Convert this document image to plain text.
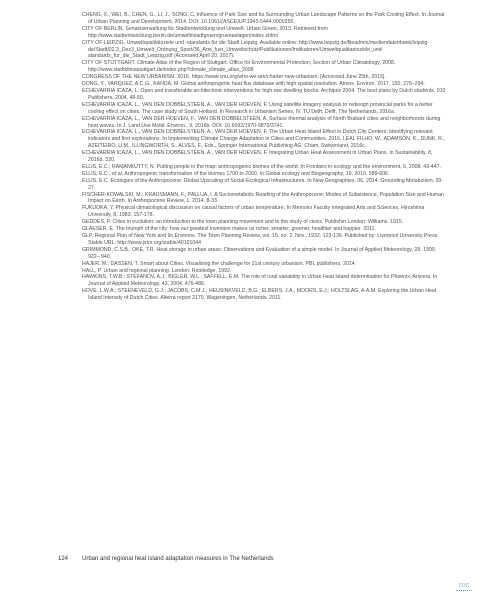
CHENG, X., WEI, B., CHEN, G., LI, J., SONG, C. Influence of Park Size and Its Surrounding Urban Landscape Patterns on the Park Cooling Effect. In Journal of Urban Planning and Development, 2014. DOI: 10.1061/(ASCE)UP.1943-5444.0000256.

CITY OF BERLIN. Senatsverwaltung für Stadtentwicklung und Umwelt. Urban Green, 2013. Retrieved from http://www.stadtentwicklung.berlin.de/umwelt/stadtgruen/gruenanlagen/index.shtml

CITY OF LEIPZIG. Umweltqualitätsziele und -standards für die Stadt Leipzig. Available online: http://www.leipzig.de/fileadmin/mediendatenbank/leipzig-de/Stadt/02.3_Dez3_Umwelt_Ordnung_Sport/36_Amt_fuer_Umweltschutz/Publikationen/Indikatoren/Umweltqualitaetsziele_und-standards_fur_die_Stadt_Leipzig.pdf (Accessed April 20, 2017).

CITY OF STUTTGART. Climate Atlas of the Region of Stuttgart. Office for Environmental Protection, Section of Urban Climatology, 2008. http://www.stadtklimastuttgart.de/index.php?climate_climate_atlas_2008

CONGRESS OF THE NEW URBANISM. 2016. https://www.cnu.org/who-we-are/charter-new-urbanism. [Accessed June 25th, 2016].

DONG, Y., VARQUEZ, A.C.G., KANDA, M. Global anthropogenic heat flux database with high spatial resolution. Atmos. Environ. 2017, 150, 276–294.

ECHEVARRIA ICAZA, L. Open and transferable architectonic interventions for high rise dwelling blocks. Archiprix 2004. The best plans by Dutch students. 010 Publishers, 2004. 48-50.

ECHEVARRIA ICAZA, L., VAN DEN DOBBELSTEEN, A., VAN DER HOEVEN, F. Using satellite imagery analysis to redesign provincial parks for a better cooling effect on cities. The case study of South Holland. In Research in Urbanism Series, IV. TU Delft: Delft, The Netherlands, 2016a.

ECHEVARRIA ICAZA, L., VAN DER HOEVEN, F., VAN DEN DOBBELSTEEN, A. Surface thermal analysis of North Brabant cities and neighborhoods during heat waves. In J. Land Use Mobil. Environ., 9, 2016b. DOI: 10.6092/1970-9870/3741.

ECHEVARRIA ICAZA, L., VAN DEN DOBBELSTEEN, A., VAN DER HOEVEN, F. The Urban Heat Island Effect in Dutch City Centers: Identifying relevant indicators and first explorations. In Implementing Climate Change Adaptation in Cities and Communities, 2016. LEAL FILHO, W., ADAMSON, K., DUNK, R., AZEITEIRO, U.M., ILLINGWORTH, S., ALVES, F., Eds., Springer International Publishing AG: Cham, Switzerland, 2016c.

ECHEVARRIA ICAZA, L., VAN DEN DOBBELSTEEN, A., VAN DER HOEVEN, F. Integrating Urban Heat Assessment in Urban Plans. In Sustainability, 8, 2016d. 320.

ELLIS, E.C.; RAMANKUTTY, N. Putting people in the map: anthropogenic biomes of the world. In Frontiers in ecology and the environment, 6, 2008. 43-447.

ELLIS, E.C., et al. Anthropogenic transformation of the biomes 1700 to 2000. In Global ecology and Biogeography, 19, 2010. 589-606.

ELLIS, E.C. Ecologies of the Anthropocene: Global Upscaling of Social-Ecological Infrastructures. In New Geographies, 06, 2014. Grounding Metabolism. 20-27.

FISCHER-KOWALSKI, M.; KRAUSMANN, F.; PALLUA, I. A Sociometabolic Reading of the Anthropocene: Modes of Subsistence, Population Size and Human Impact on Earth. In Anthropocene Review, 1, 2014. 8-33.

FUKUOKA, Y. Physical climatological discussion on causal factors of urban temperature. In Memoirs Faculty Integrated Arts and Sciences, Hiroshima University, 8, 1983. 157-178.

GEDDES, P. Cities in evolution: an introduction to the town planning movement and to the study of civics. Publisher London: Williams. 1915.

GLAESER, E. The triumph of the city: how our greatest invention makes us richer, smarter, greener, healthier and happier. 2011.

GLP. Regional Plan of New York and Its Environs. The Town Planning Review, vol. 15, no. 2, Nov., 1932. 123-136. Published by: Liverpool University Press. Stable URL: http://www.jstor.org/stable/40101044

GRIMMOND, C.S.B.; OKE, T.R. Heat storage in urban areas: Observations and Evaluation of a simple model. In Journal of Applied Meteorology, 28, 1999. 922– 940.

HAJER, M.; DASSEN, T. Smart about Cities. Visualising the challenge for 21st century urbanism. PBL publishers, 2014.

HALL, P. Urban and regional planning. London: Routledge, 1992.

HAWKINS, T.W.B.; STEFANOV, A.J.; BIGLER, W.L.; SAFFELL, E.M. The role of rural variability in Urban Heat Island determination for Phoenix, Arizona. In Journal of Applied Meteorology, 43, 2004. 476-486.

HOVE, L.W.A.; STEENEVELD, G.J.; JACOBS, C.M.J.; HEUSINKVELD, B.G.; ELBERS, J.A.; MOORS, E.J.; HOLTSLAG, A.A.M. Exploring the Urban Heat Island Intensity of Dutch Cities. Alterra report 2170. Wageningen, Netherlands, 2011.

124 Urban and regional heat island adaptation measures in The Netherlands
TOC
